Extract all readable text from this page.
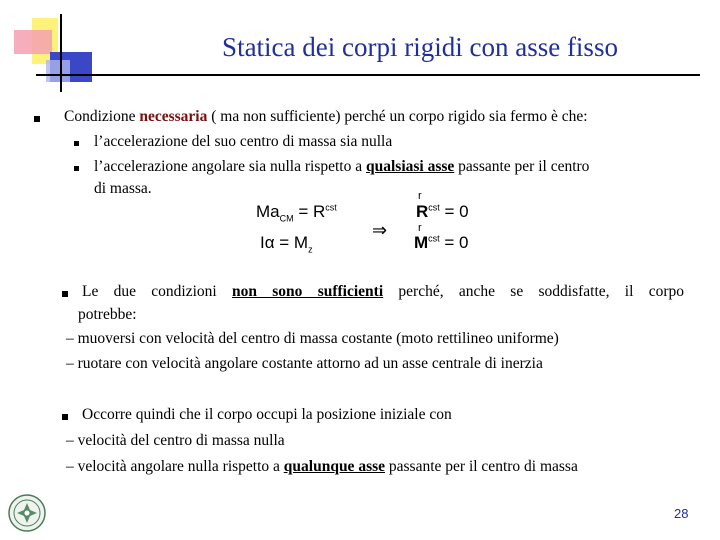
Statica dei corpi rigidi con asse fisso
Condizione necessaria ( ma non sufficiente) perché un corpo rigido sia fermo è che:
l’accelerazione del suo centro di massa sia nulla
l’accelerazione angolare sia nulla rispetto a qualsiasi asse passante per il centro
di massa.
$Ma_{CM} = R^{cst}$
$I\alpha = M_z$
⇒
r
$R^{cst} = 0$
r
$M^{cst} = 0$
Le due condizioni non sono sufficienti perché, anche se soddisfatte, il corpo
potrebbe:
– muoversi con velocità del centro di massa costante (moto rettilineo uniforme)
– ruotare con velocità angolare costante attorno ad un asse centrale di inerzia
Occorre quindi che il corpo occupi la posizione iniziale con
– velocità del centro di massa nulla
– velocità angolare nulla rispetto a qualunque asse passante per il centro di massa
28
